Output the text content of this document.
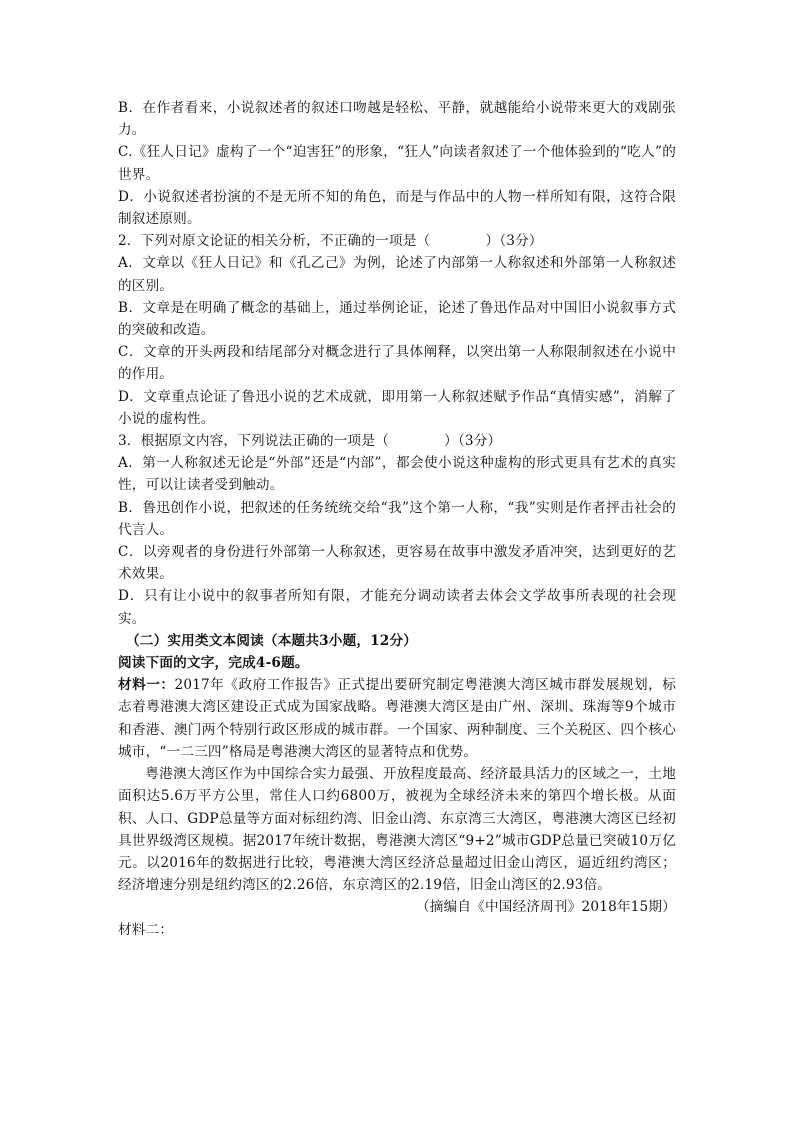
B．在作者看来，小说叙述者的叙述口吻越是轻松、平静，就越能给小说带来更大的戏剧张力。

C.《狂人日记》虚构了一个“迫害狂”的形象，“狂人”向读者叙述了一个他体验到的“吃人”的世界。

D．小说叙述者扮演的不是无所不知的角色，而是与作品中的人物一样所知有限，这符合限制叙述原则。

2．下列对原文论证的相关分析，不正确的一项是（　　　　）（3分）

A．文章以《狂人日记》和《孔乙己》为例，论述了内部第一人称叙述和外部第一人称叙述的区别。

B．文章是在明确了概念的基础上，通过举例论证，论述了鲁迅作品对中国旧小说叙事方式的突破和改造。

C．文章的开头两段和结尾部分对概念进行了具体阐释，以突出第一人称限制叙述在小说中的作用。

D．文章重点论证了鲁迅小说的艺术成就，即用第一人称叙述赋予作品“真情实感”，消解了小说的虚构性。

3．根据原文内容，下列说法正确的一项是（　　　　）（3分）

A．第一人称叙述无论是“外部”还是“内部”，都会使小说这种虚构的形式更具有艺术的真实性，可以让读者受到触动。

B．鲁迅创作小说，把叙述的任务统统交给“我”这个第一人称，“我”实则是作者抨击社会的代言人。

C．以旁观者的身份进行外部第一人称叙述，更容易在故事中激发矛盾冲突，达到更好的艺术效果。

D．只有让小说中的叙事者所知有限，才能充分调动读者去体会文学故事所表现的社会现实。

（二）实用类文本阅读（本题共3小题，12分）

阅读下面的文字，完成4-6题。

材料一：2017年《政府工作报告》正式提出要研究制定粤港澳大湾区城市群发展规划，标志着粤港澳大湾区建设正式成为国家战略。粤港澳大湾区是由广州、深圳、珠海等9个城市和香港、澳门两个特别行政区形成的城市群。一个国家、两种制度、三个关税区、四个核心城市，“一二三四”格局是粤港澳大湾区的显著特点和优势。

粤港澳大湾区作为中国综合实力最强、开放程度最高、经济最具活力的区域之一，土地面积达5.6万平方公里，常住人口约6800万，被视为全球经济未来的第四个增长极。从面积、人口、GDP总量等方面对标纽约湾、旧金山湾、东京湾三大湾区，粤港澳大湾区已经初具世界级湾区规模。据2017年统计数据，粤港澳大湾区“9+2”城市GDP总量已突破10万亿元。以2016年的数据进行比较，粤港澳大湾区经济总量超过旧金山湾区，逼近纽约湾区；经济增速分别是纽约湾区的2.26倍，东京湾区的2.19倍，旧金山湾区的2.93倍。

（摘编自《中国经济周刊》2018年15期）

材料二：
